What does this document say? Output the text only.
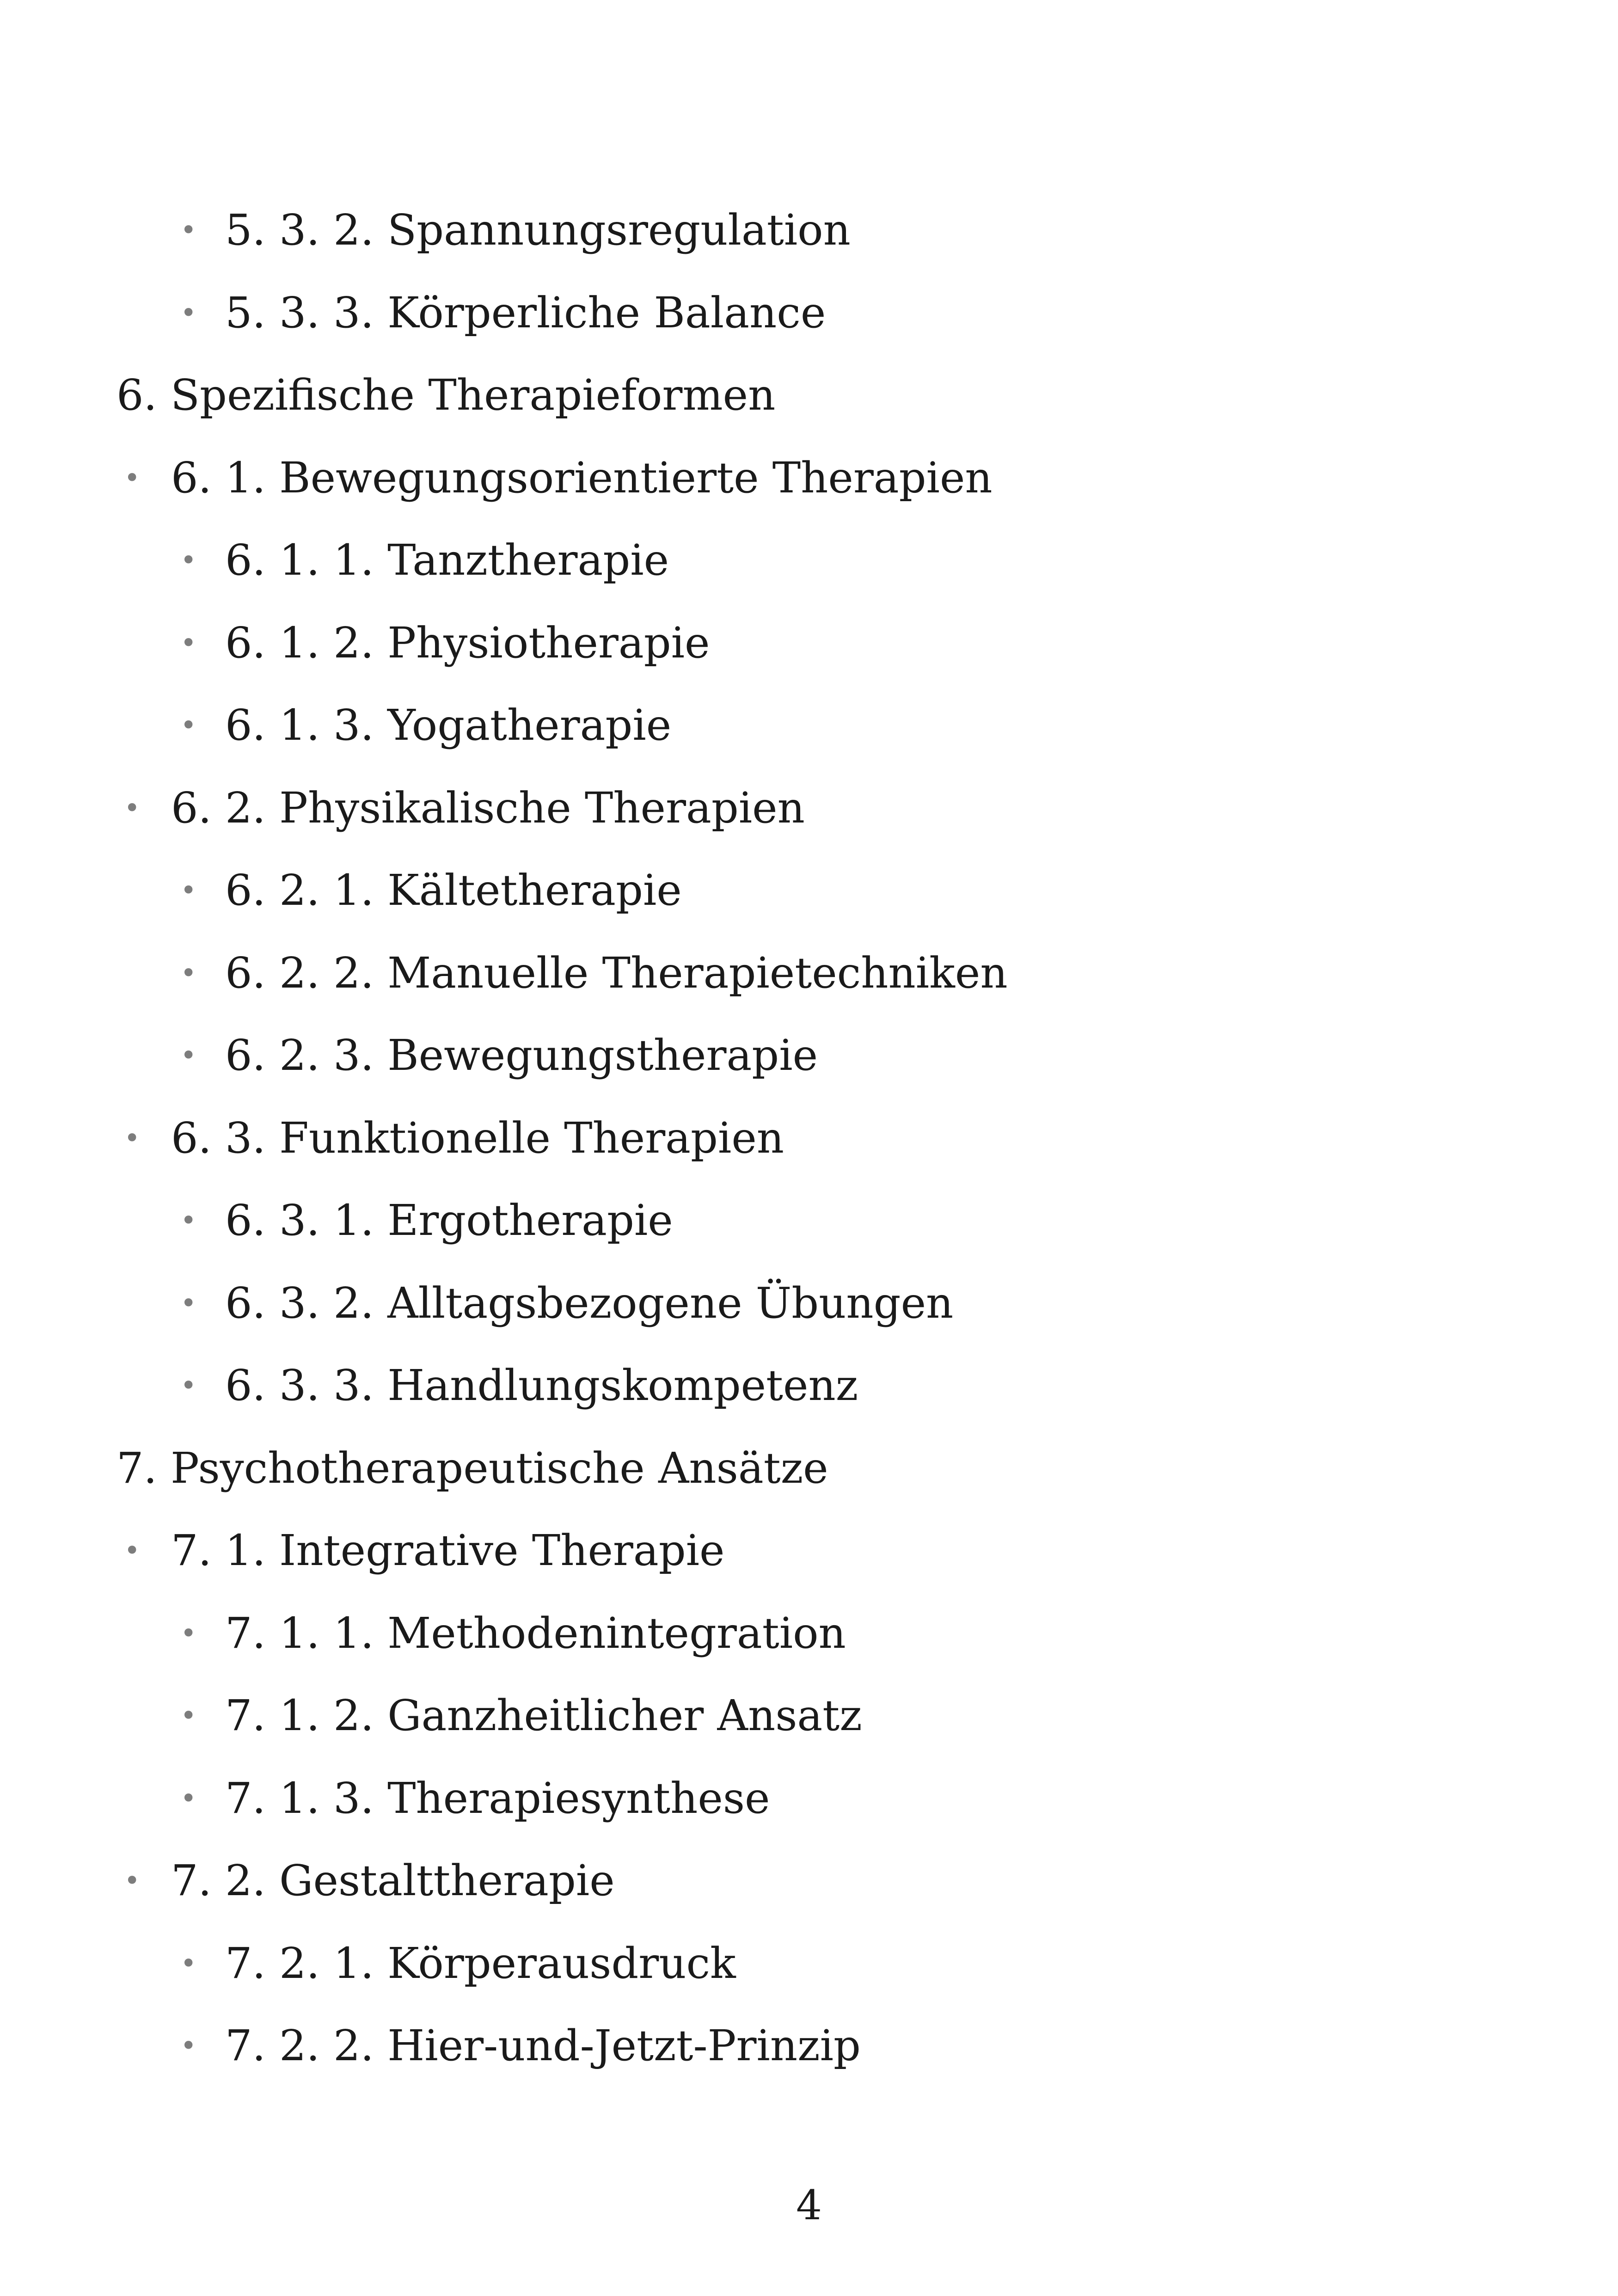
• 5. 3. 2. Spannungsregulation
• 5. 3. 3. Körperliche Balance
6. Spezifische Therapieformen
• 6. 1. Bewegungsorientierte Therapien
• 6. 1. 1. Tanztherapie
• 6. 1. 2. Physiotherapie
• 6. 1. 3. Yogatherapie
• 6. 2. Physikalische Therapien
• 6. 2. 1. Kältetherapie
• 6. 2. 2. Manuelle Therapietechniken
• 6. 2. 3. Bewegungstherapie
• 6. 3. Funktionelle Therapien
• 6. 3. 1. Ergotherapie
• 6. 3. 2. Alltagsbezogene Übungen
• 6. 3. 3. Handlungskompetenz
7. Psychotherapeutische Ansätze
• 7. 1. Integrative Therapie
• 7. 1. 1. Methodenintegration
• 7. 1. 2. Ganzheitlicher Ansatz
• 7. 1. 3. Therapiesynthese
• 7. 2. Gestalttherapie
• 7. 2. 1. Körperausdruck
• 7. 2. 2. Hier-und-Jetzt-Prinzip
4
